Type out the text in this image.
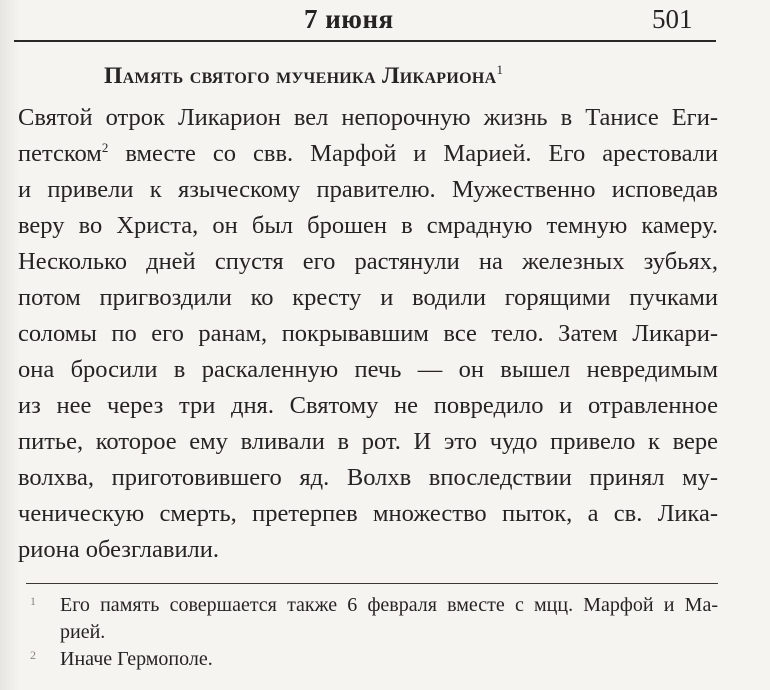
7 июня	501
Память святого мученика Ликариона$^1$
Святой отрок Ликарион вел непорочную жизнь в Танисе Еги-
петском$^2$ вместе со свв. Марфой и Марией. Его арестовали
и привели к языческому правителю. Мужественно исповедав
веру во Христа, он был брошен в смрадную темную камеру.
Несколько дней спустя его растянули на железных зубьях,
потом пригвоздили ко кресту и водили горящими пучками
соломы по его ранам, покрывавшим все тело. Затем Ликари-
она бросили в раскаленную печь — он вышел невредимым
из нее через три дня. Святому не повредило и отравленное
питье, которое ему вливали в рот. И это чудо привело к вере
волхва, приготовившего яд. Волхв впоследствии принял му-
ченическую смерть, претерпев множество пыток, а св. Лика-
риона обезглавили.
1 Его память совершается также 6 февраля вместе с мцц. Марфой и Ма-
рией.
2 Иначе Гермополе.
